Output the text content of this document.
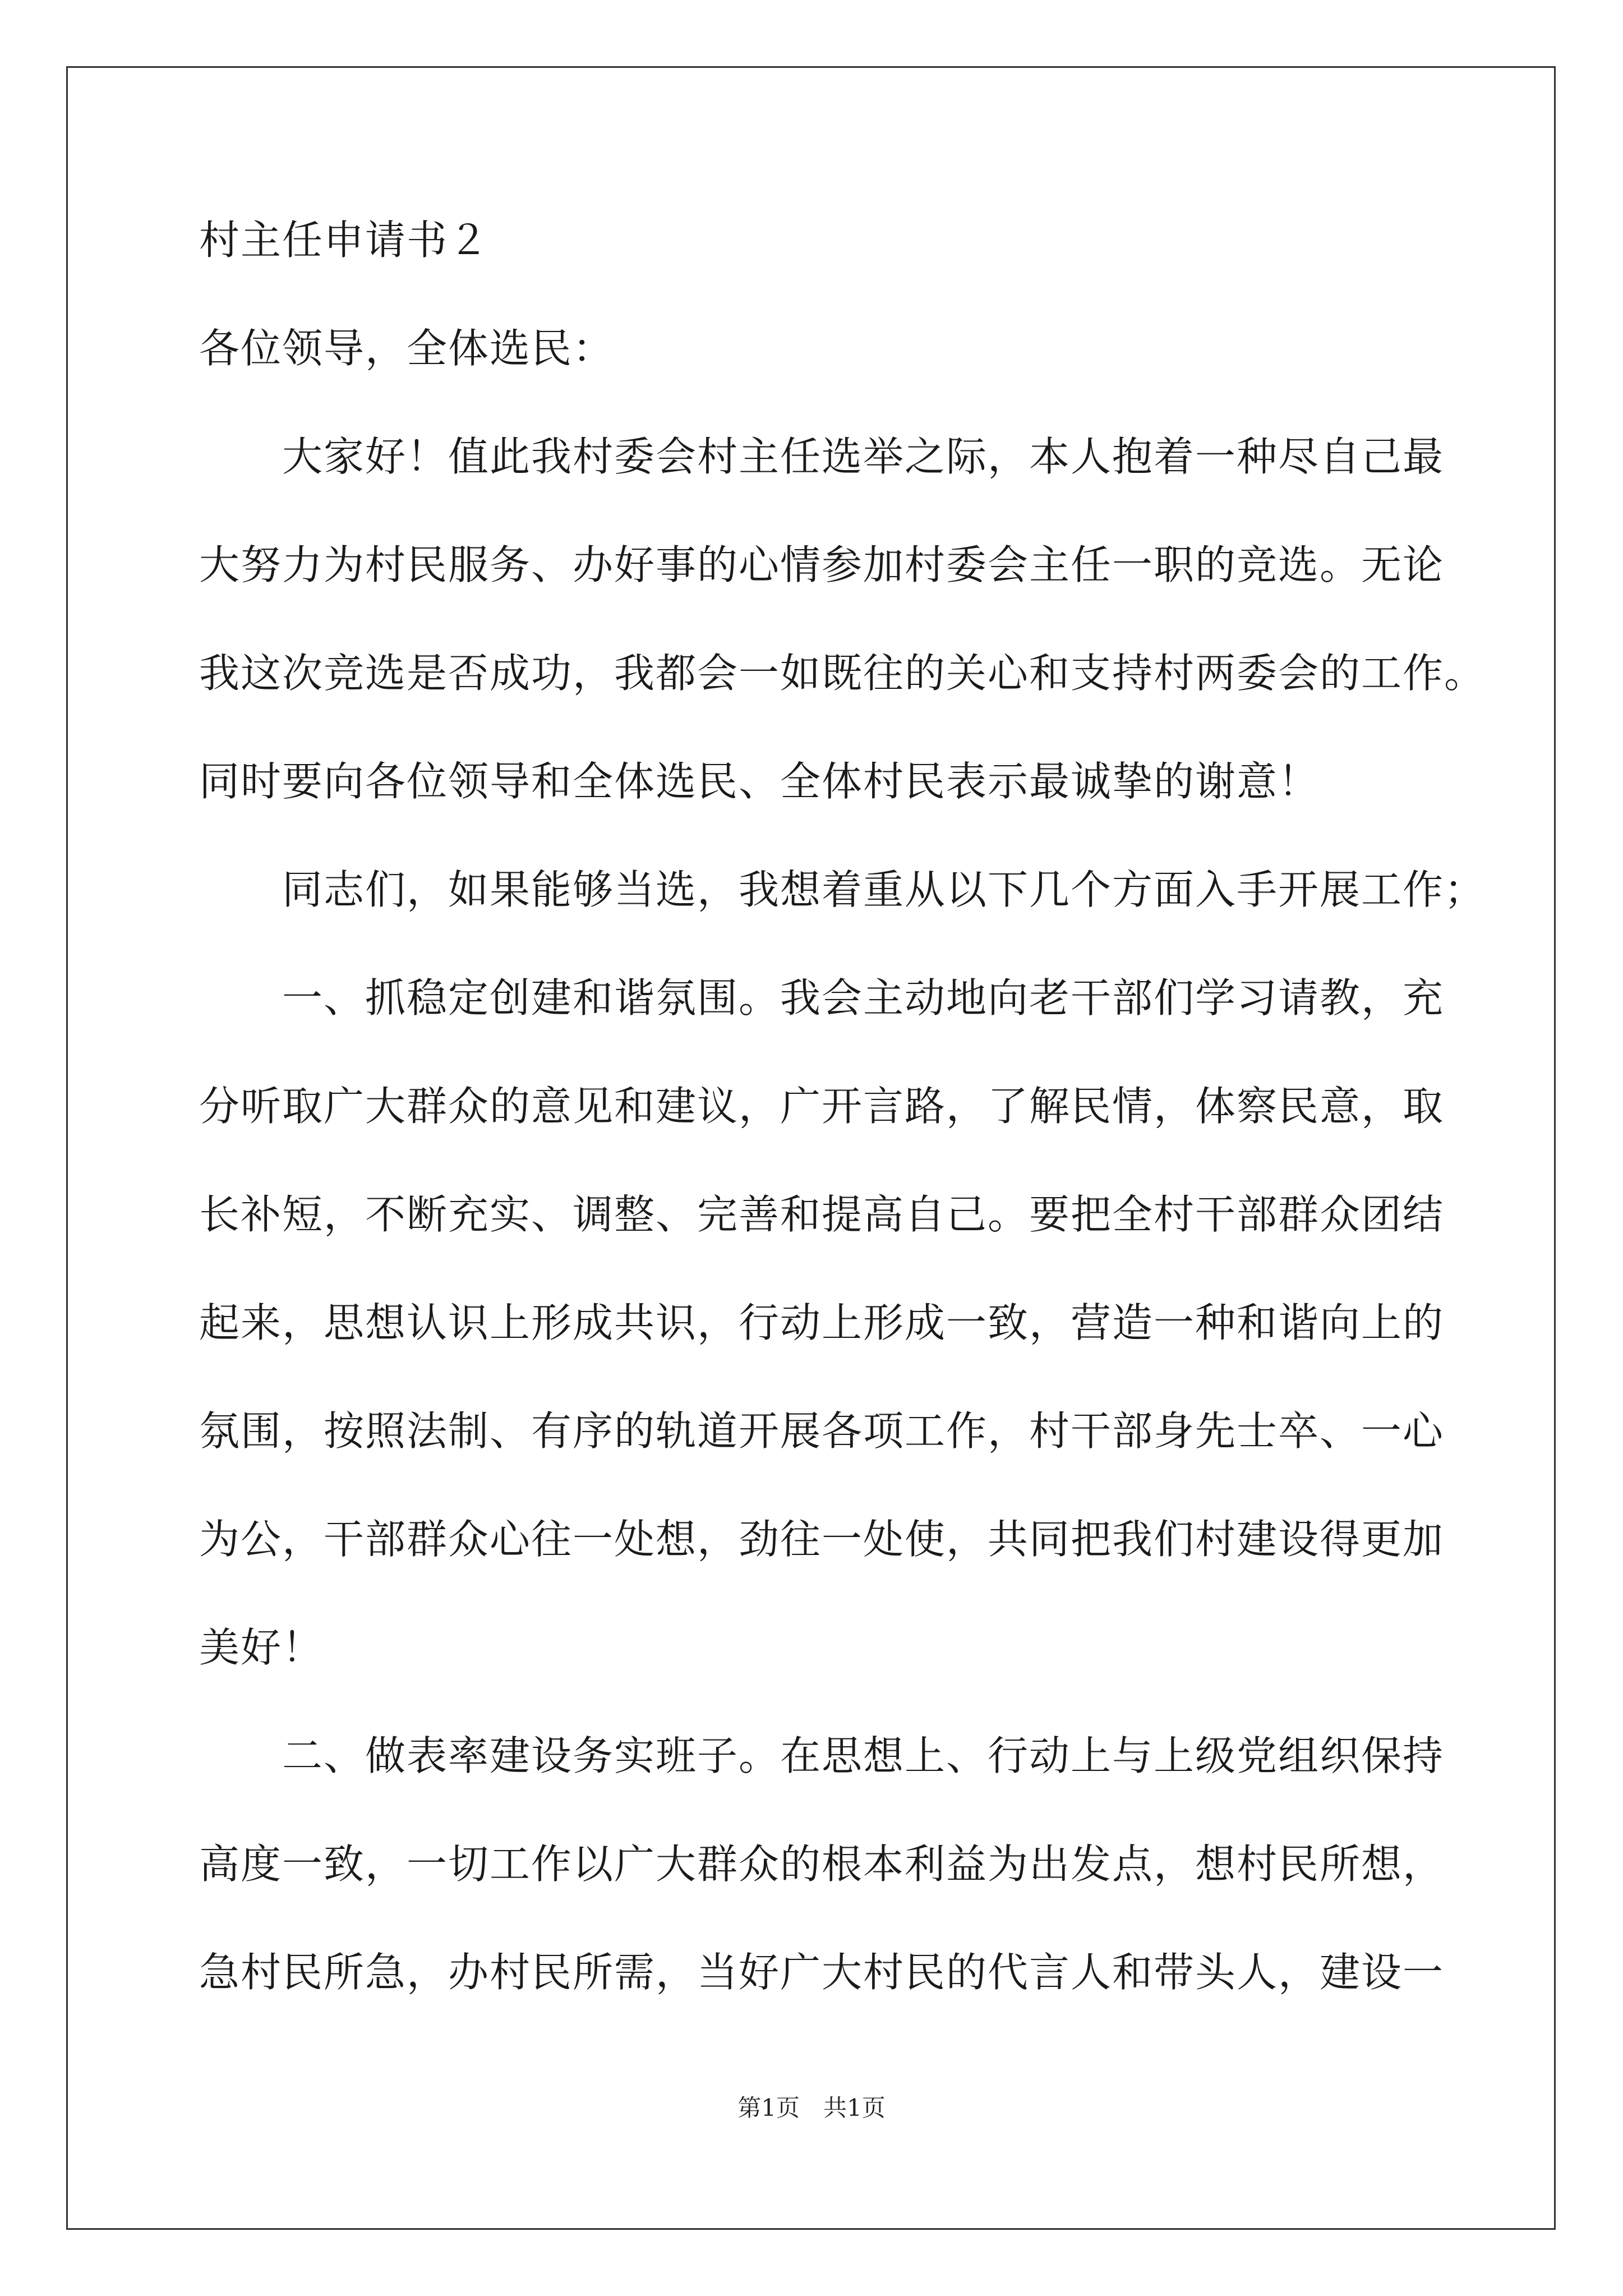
村主任申请书２
各位领导，全体选民：
大家好！值此我村委会村主任选举之际，本人抱着一种尽自己最
大努力为村民服务、办好事的心情参加村委会主任一职的竞选。无论
我这次竞选是否成功，我都会一如既往的关心和支持村两委会的工作。
同时要向各位领导和全体选民、全体村民表示最诚挚的谢意！
同志们，如果能够当选，我想着重从以下几个方面入手开展工作；
一、抓稳定创建和谐氛围。我会主动地向老干部们学习请教，充
分听取广大群众的意见和建议，广开言路，了解民情，体察民意，取
长补短，不断充实、调整、完善和提高自己。要把全村干部群众团结
起来，思想认识上形成共识，行动上形成一致，营造一种和谐向上的
氛围，按照法制、有序的轨道开展各项工作，村干部身先士卒、一心
为公，干部群众心往一处想，劲往一处使，共同把我们村建设得更加
美好！
二、做表率建设务实班子。在思想上、行动上与上级党组织保持
高度一致，一切工作以广大群众的根本利益为出发点，想村民所想，
急村民所急，办村民所需，当好广大村民的代言人和带头人，建设一
第1页　共1页
